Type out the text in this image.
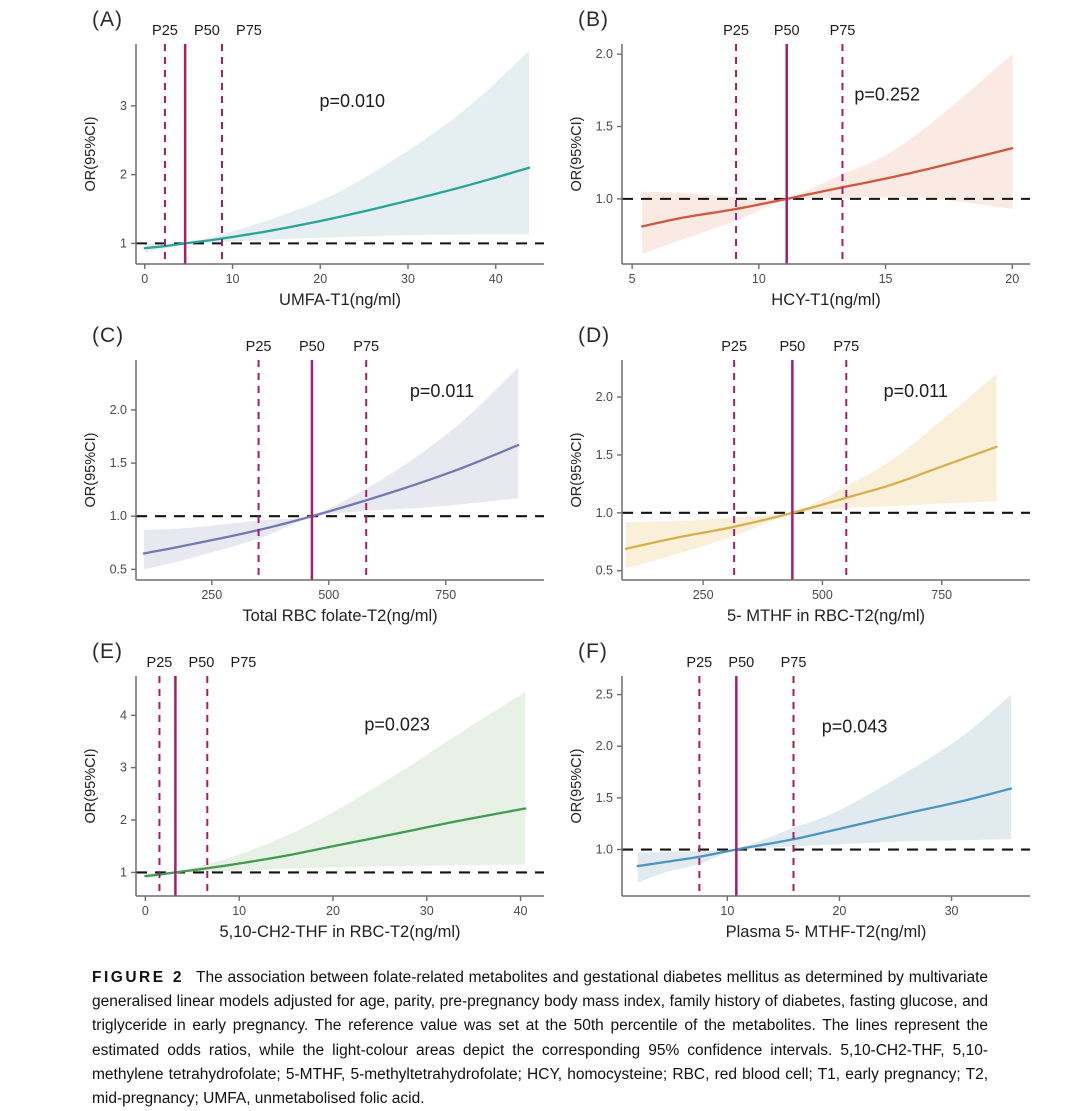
(A) P25 P50 P75
0	10	20	30	40
1
2
3
UMFA-T1(ng/ml)
OR(95%CI)
p=0.010
(B)	P25 P50 P75
5	10	15	20
1.0
1.5
2.0
HCY-T1(ng/ml)
OR(95%CI)
p=0.252
(C)	P25 P50 P75
250	500	750
0.5
1.0
1.5
2.0
Total RBC folate-T2(ng/ml)
OR(95%CI)
p=0.011
(D)	P25 P50 P75
250	500	750
0.5
1.0
1.5
2.0
5- MTHF in RBC-T2(ng/ml)
OR(95%CI)
p=0.011
(E) P25 P50 P75
0	10	20	30	40
1
2
3
4
5,10-CH2-THF in RBC-T2(ng/ml)
OR(95%CI)
p=0.023
(F)	P25 P50 P75
10	20	30
1.0
1.5
2.0
2.5
Plasma 5- MTHF-T2(ng/ml)
OR(95%CI)
p=0.043

FIGURE 2 The association between folate-related metabolites and gestational diabetes mellitus as determined by multivariate generalised linear models adjusted for age, parity, pre-pregnancy body mass index, family history of diabetes, fasting glucose, and triglyceride in early pregnancy. The reference value was set at the 50th percentile of the metabolites. The lines represent the estimated odds ratios, while the light-colour areas depict the corresponding 95% confidence intervals. 5,10-CH2-THF, 5,10-methylene tetrahydrofolate; 5-MTHF, 5-methyltetrahydrofolate; HCY, homocysteine; RBC, red blood cell; T1, early pregnancy; T2, mid-pregnancy; UMFA, unmetabolised folic acid.
